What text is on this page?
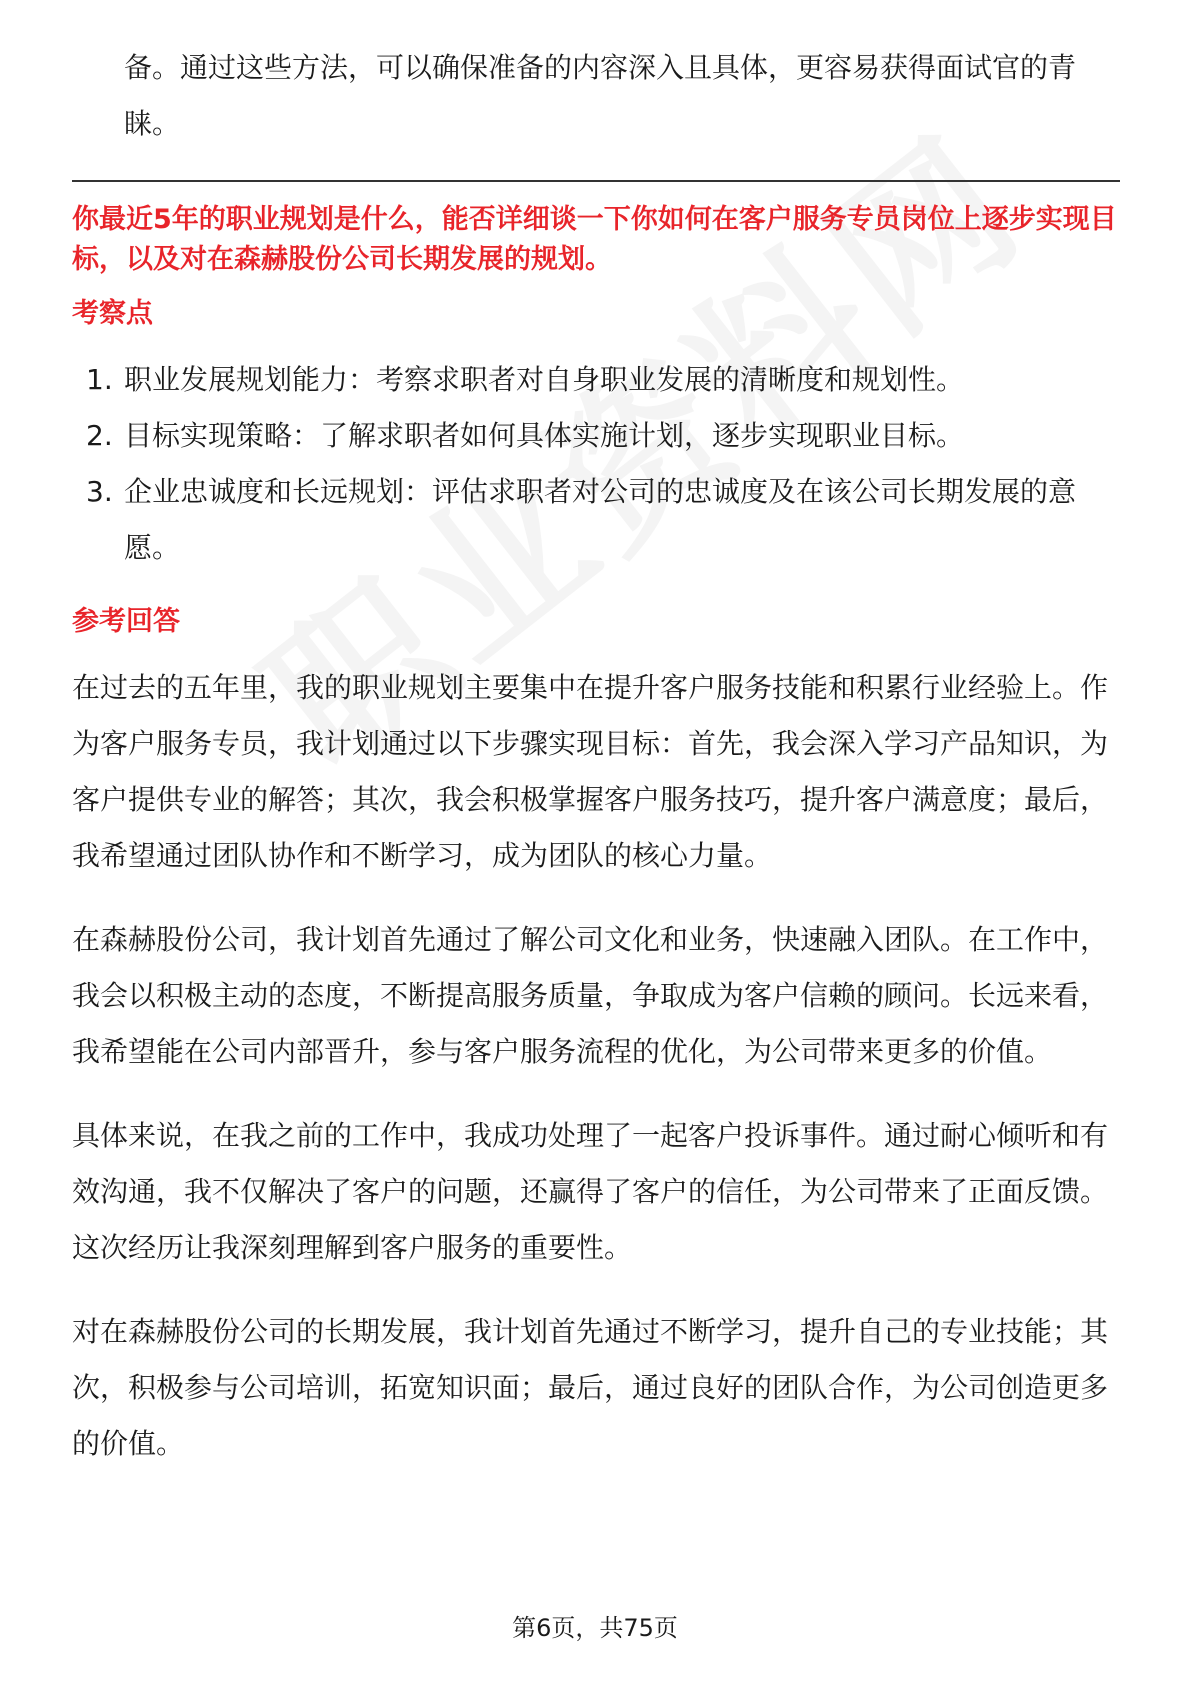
备。通过这些方法，可以确保准备的内容深入且具体，更容易获得面试官的青睐。

你最近5年的职业规划是什么，能否详细谈一下你如何在客户服务专员岗位上逐步实现目标，以及对在森赫股份公司长期发展的规划。

考察点
1. 职业发展规划能力：考察求职者对自身职业发展的清晰度和规划性。
2. 目标实现策略：了解求职者如何具体实施计划，逐步实现职业目标。
3. 企业忠诚度和长远规划：评估求职者对公司的忠诚度及在该公司长期发展的意愿。
参考回答

在过去的五年里，我的职业规划主要集中在提升客户服务技能和积累行业经验上。作为客户服务专员，我计划通过以下步骤实现目标：首先，我会深入学习产品知识，为客户提供专业的解答；其次，我会积极掌握客户服务技巧，提升客户满意度；最后，我希望通过团队协作和不断学习，成为团队的核心力量。

在森赫股份公司，我计划首先通过了解公司文化和业务，快速融入团队。在工作中，我会以积极主动的态度，不断提高服务质量，争取成为客户信赖的顾问。长远来看，我希望能在公司内部晋升，参与客户服务流程的优化，为公司带来更多的价值。

具体来说，在我之前的工作中，我成功处理了一起客户投诉事件。通过耐心倾听和有效沟通，我不仅解决了客户的问题，还赢得了客户的信任，为公司带来了正面反馈。这次经历让我深刻理解到客户服务的重要性。

对在森赫股份公司的长期发展，我计划首先通过不断学习，提升自己的专业技能；其次，积极参与公司培训，拓宽知识面；最后，通过良好的团队合作，为公司创造更多的价值。

第6页，共75页
